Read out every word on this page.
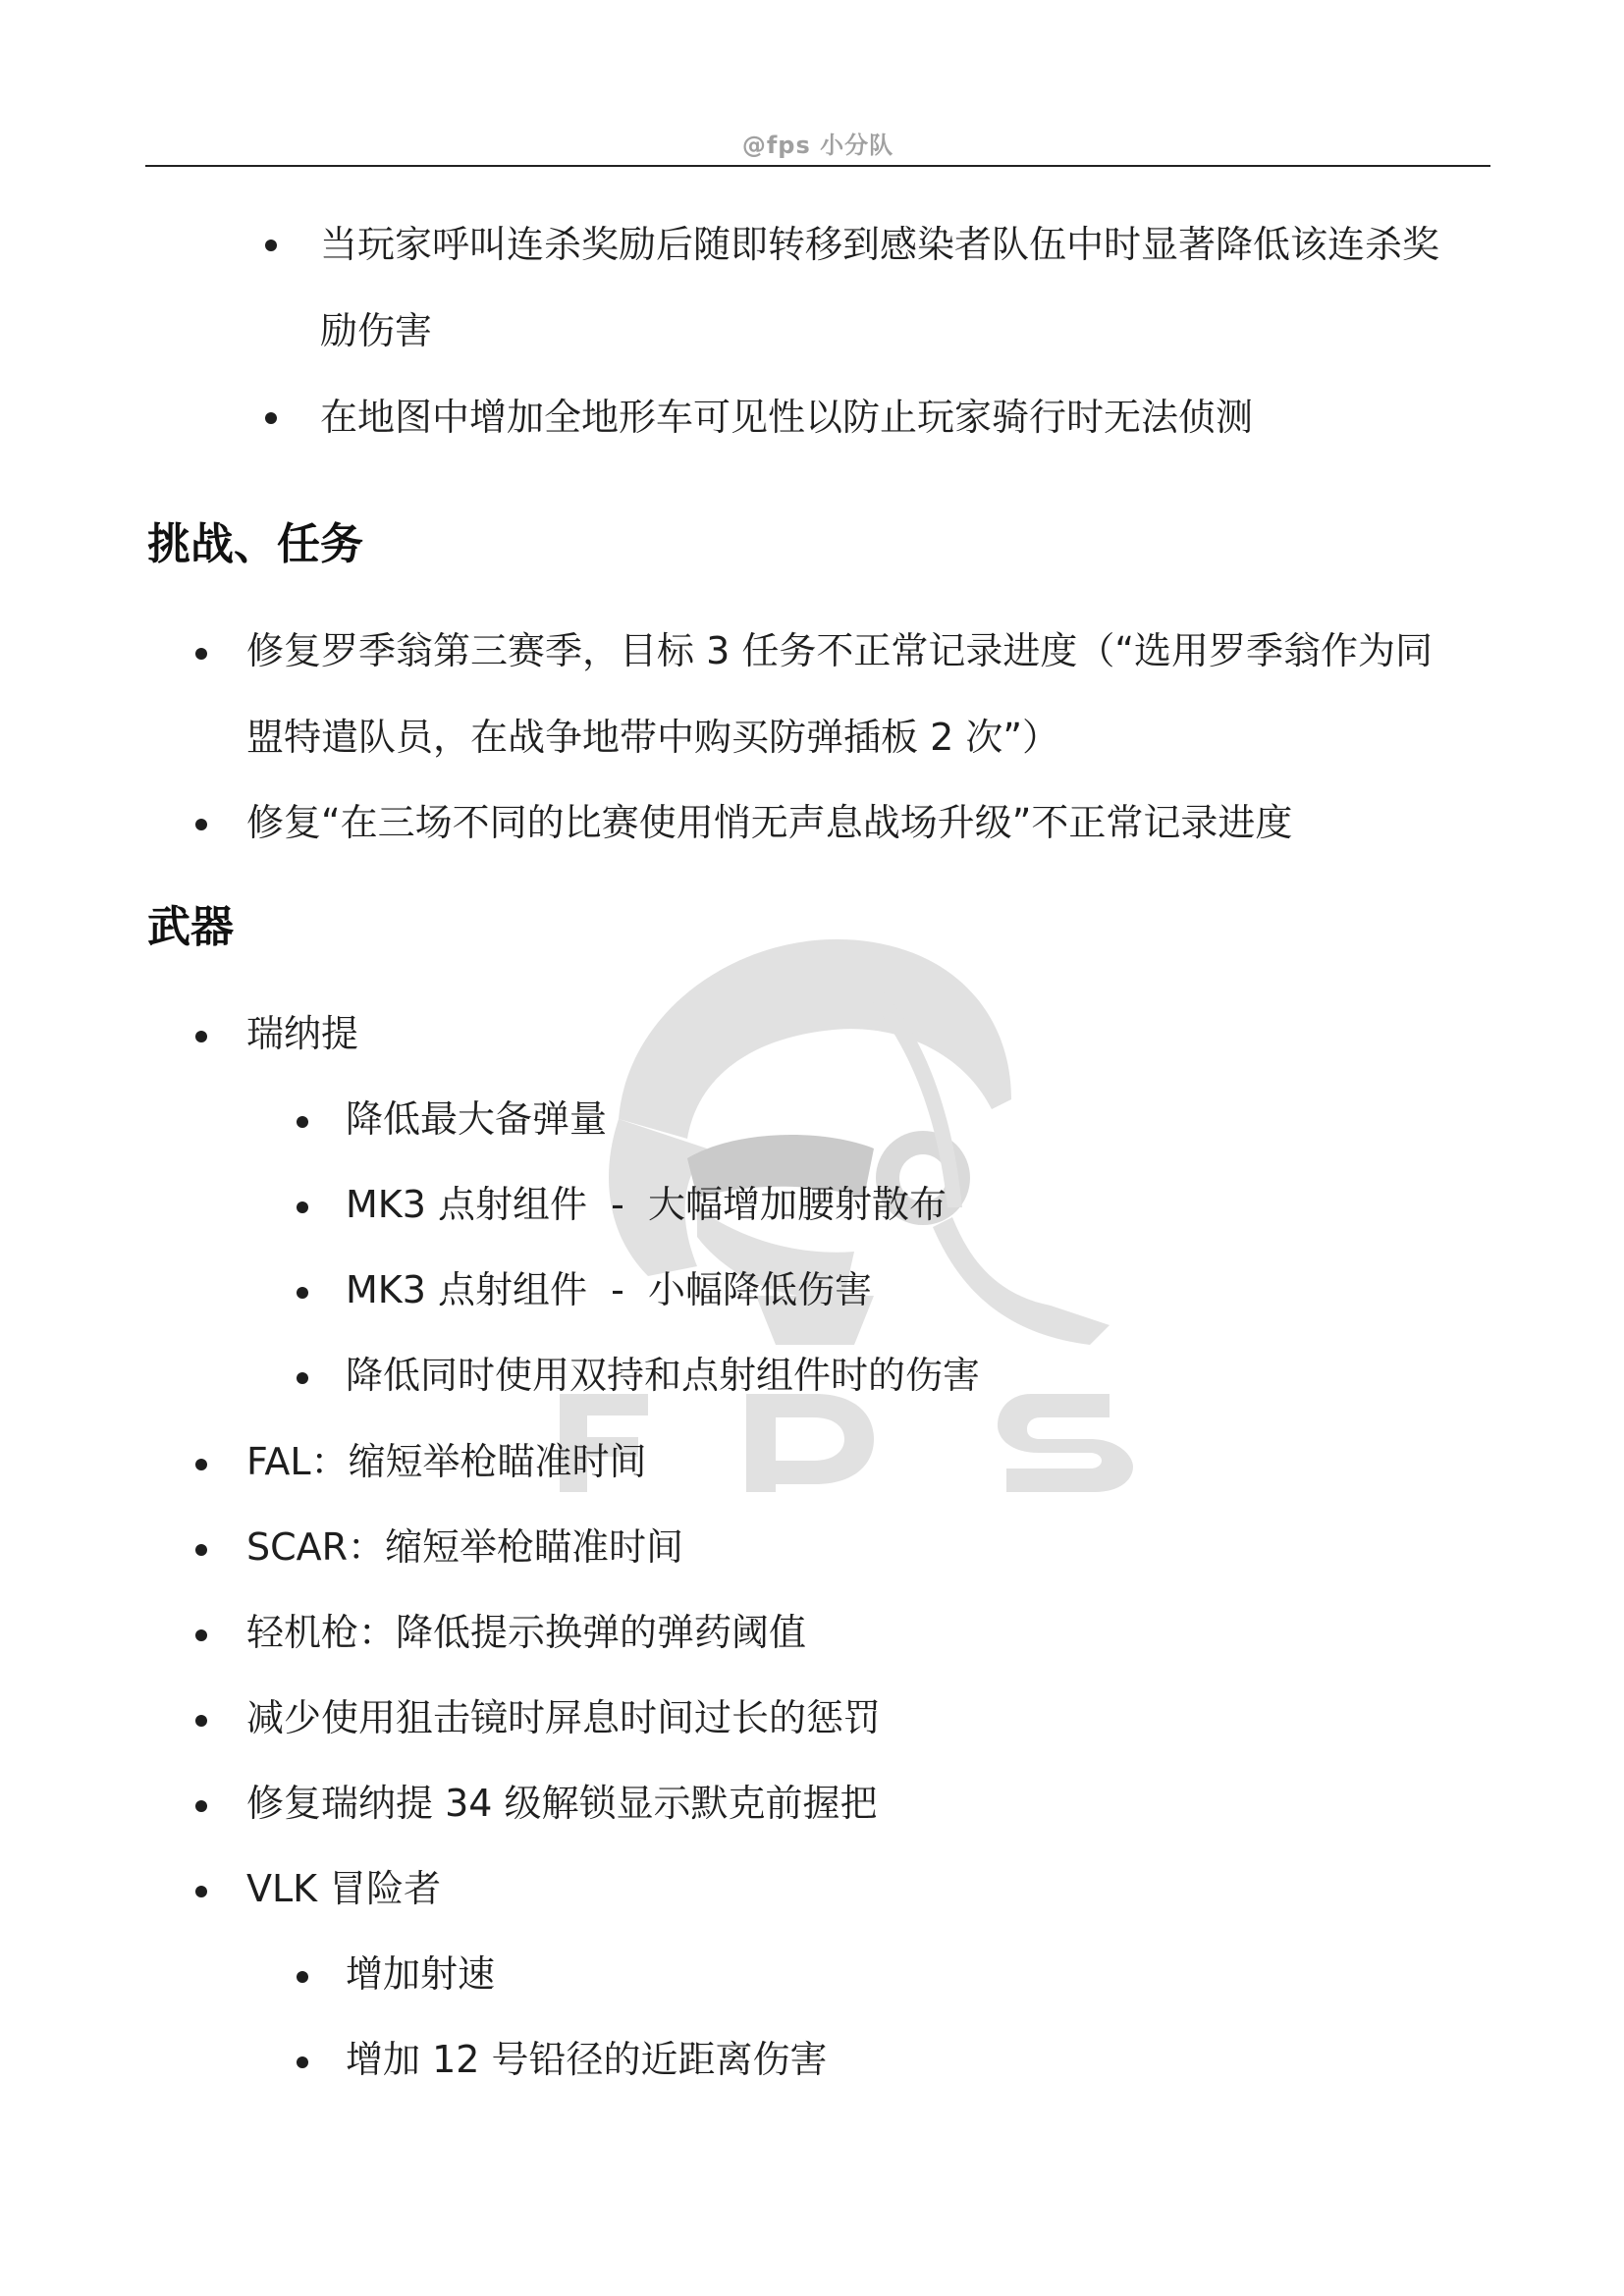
@fps 小分队
当玩家呼叫连杀奖励后随即转移到感染者队伍中时显著降低该连杀奖
励伤害
在地图中增加全地形车可见性以防止玩家骑行时无法侦测
挑战、任务
修复罗季翁第三赛季，目标 3 任务不正常记录进度（“选用罗季翁作为同
盟特遣队员，在战争地带中购买防弹插板 2 次”）
修复“在三场不同的比赛使用悄无声息战场升级”不正常记录进度
武器
瑞纳提
降低最大备弹量
MK3 点射组件  -  大幅增加腰射散布
MK3 点射组件  -  小幅降低伤害
降低同时使用双持和点射组件时的伤害
FAL：缩短举枪瞄准时间
SCAR：缩短举枪瞄准时间
轻机枪：降低提示换弹的弹药阈值
减少使用狙击镜时屏息时间过长的惩罚
修复瑞纳提 34 级解锁显示默克前握把
VLK 冒险者
增加射速
增加 12 号铅径的近距离伤害
